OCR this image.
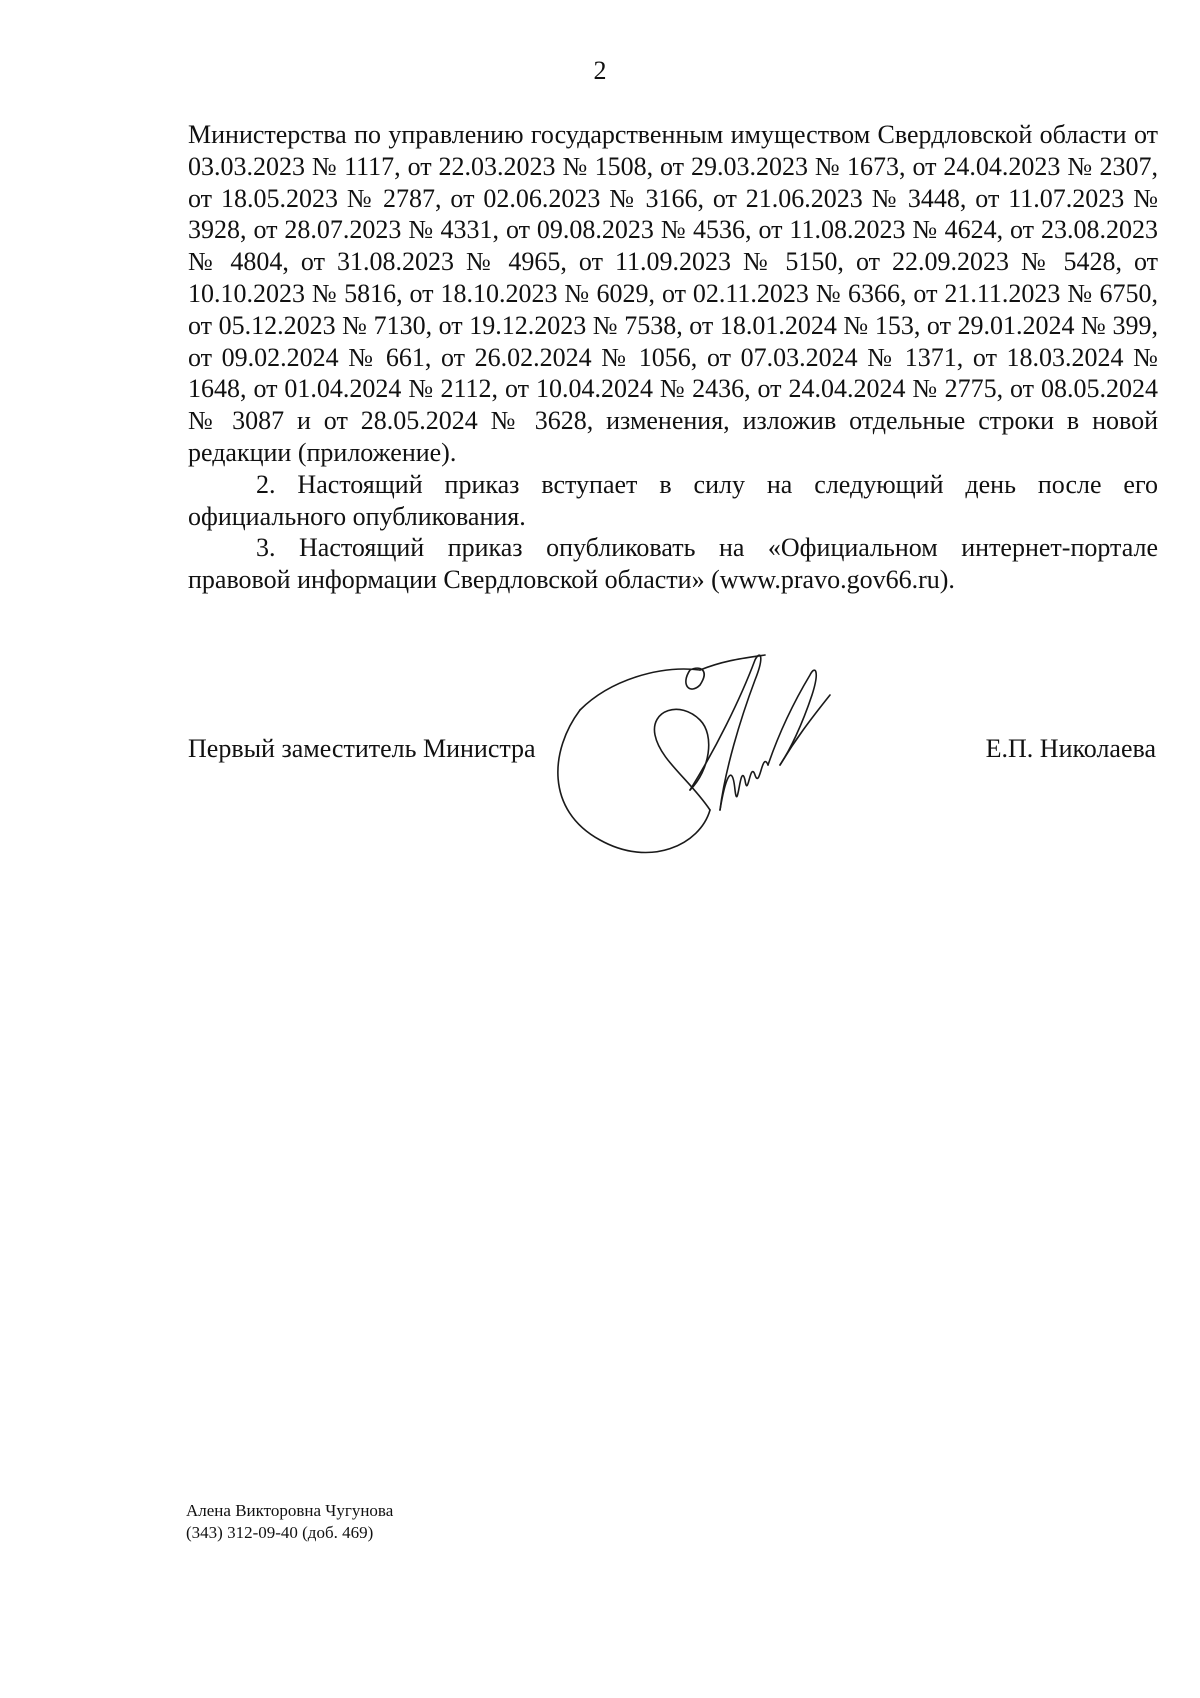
2

Министерства по управлению государственным имуществом Свердловской области от 03.03.2023 № 1117, от 22.03.2023 № 1508, от 29.03.2023 № 1673, от 24.04.2023 № 2307, от 18.05.2023 № 2787, от 02.06.2023 № 3166, от 21.06.2023 № 3448, от 11.07.2023 № 3928, от 28.07.2023 № 4331, от 09.08.2023 № 4536, от 11.08.2023 № 4624, от 23.08.2023 № 4804, от 31.08.2023 № 4965, от 11.09.2023 № 5150, от 22.09.2023 № 5428, от 10.10.2023 № 5816, от 18.10.2023 № 6029, от 02.11.2023 № 6366, от 21.11.2023 № 6750, от 05.12.2023 № 7130, от 19.12.2023 № 7538, от 18.01.2024 № 153, от 29.01.2024 № 399, от 09.02.2024 № 661, от 26.02.2024 № 1056, от 07.03.2024 № 1371, от 18.03.2024 № 1648, от 01.04.2024 № 2112, от 10.04.2024 № 2436, от 24.04.2024 № 2775, от 08.05.2024 № 3087 и от 28.05.2024 № 3628, изменения, изложив отдельные строки в новой редакции (приложение).

2. Настоящий приказ вступает в силу на следующий день после его официального опубликования.

3. Настоящий приказ опубликовать на «Официальном интернет-портале правовой информации Свердловской области» (www.pravo.gov66.ru).

Первый заместитель Министра	Е.П. Николаева
Алена Викторовна Чугунова
(343) 312-09-40 (доб. 469)
